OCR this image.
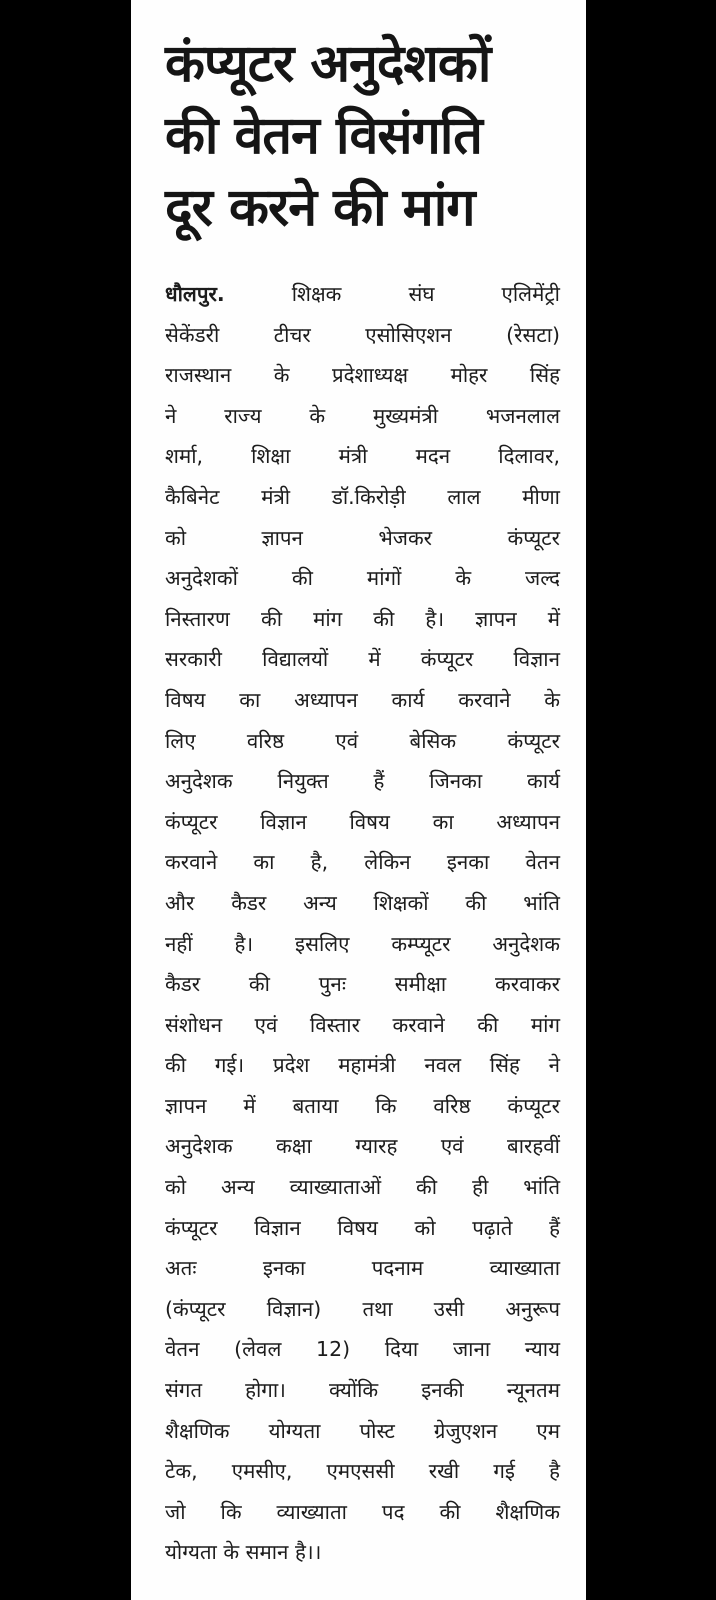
कंप्यूटर अनुदेशकों
की वेतन विसंगति
दूर करने की मांग
धौलपुर.	शिक्षक संघ एलिमेंट्री
सेकेंडरी टीचर एसोसिएशन (रेसटा)
राजस्थान के प्रदेशाध्यक्ष मोहर सिंह
ने राज्य के मुख्यमंत्री भजनलाल
शर्मा, शिक्षा मंत्री मदन दिलावर,
कैबिनेट मंत्री डॉ.किरोड़ी लाल मीणा
को ज्ञापन भेजकर कंप्यूटर
अनुदेशकों की मांगों के जल्द
निस्तारण की मांग की है। ज्ञापन में
सरकारी विद्यालयों में कंप्यूटर विज्ञान
विषय का अध्यापन कार्य करवाने के
लिए वरिष्ठ एवं बेसिक कंप्यूटर
अनुदेशक नियुक्त हैं जिनका कार्य
कंप्यूटर विज्ञान विषय का अध्यापन
करवाने का है, लेकिन इनका वेतन
और कैडर अन्य शिक्षकों की भांति
नहीं है। इसलिए कम्प्यूटर अनुदेशक
कैडर की पुनः समीक्षा करवाकर
संशोधन एवं विस्तार करवाने की मांग
की गई। प्रदेश महामंत्री नवल सिंह ने
ज्ञापन में बताया कि वरिष्ठ कंप्यूटर
अनुदेशक कक्षा ग्यारह एवं बारहवीं
को अन्य व्याख्याताओं की ही भांति
कंप्यूटर विज्ञान विषय को पढ़ाते हैं
अतः इनका पदनाम व्याख्याता
(कंप्यूटर विज्ञान) तथा उसी अनुरूप
वेतन (लेवल 12) दिया जाना न्याय
संगत होगा। क्योंकि इनकी न्यूनतम
शैक्षणिक योग्यता पोस्ट ग्रेजुएशन एम
टेक, एमसीए, एमएससी रखी गई है
जो कि व्याख्याता पद की शैक्षणिक
योग्यता के समान है।।
